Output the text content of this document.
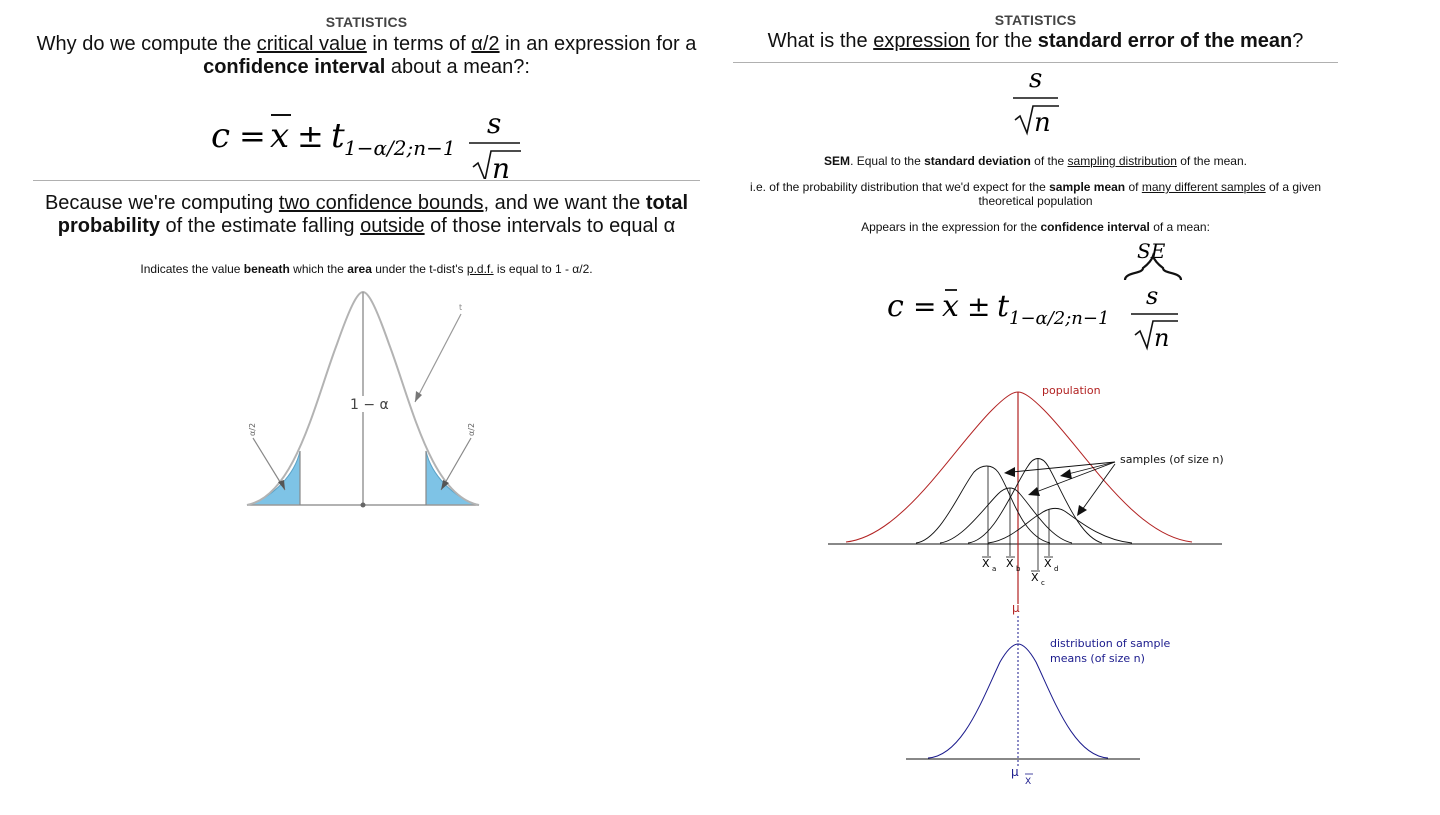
STATISTICS
Why do we compute the critical value in terms of α/2 in an expression for a confidence interval about a mean?:
c = x ± t 1−α/2;n−1
s
n
Because we're computing two confidence bounds, and we want the total probability of the estimate falling outside of those intervals to equal α
Indicates the value beneath which the area under the t-dist's p.d.f. is equal to 1 - α/2.
1 − α
α/2	α/2
t
STATISTICS
What is the expression for the standard error of the mean?
s
n
SEM. Equal to the standard deviation of the sampling distribution of the mean.
i.e. of the probability distribution that we'd expect for the sample mean of many different samples of a given theoretical population
Appears in the expression for the confidence interval of a mean:
SE
c = x ± t 1−α/2;n−1
s
n
population
X a X b
X c
X d
samples (of size n)
μ
distribution of sample
means (of size n)
μ
X
